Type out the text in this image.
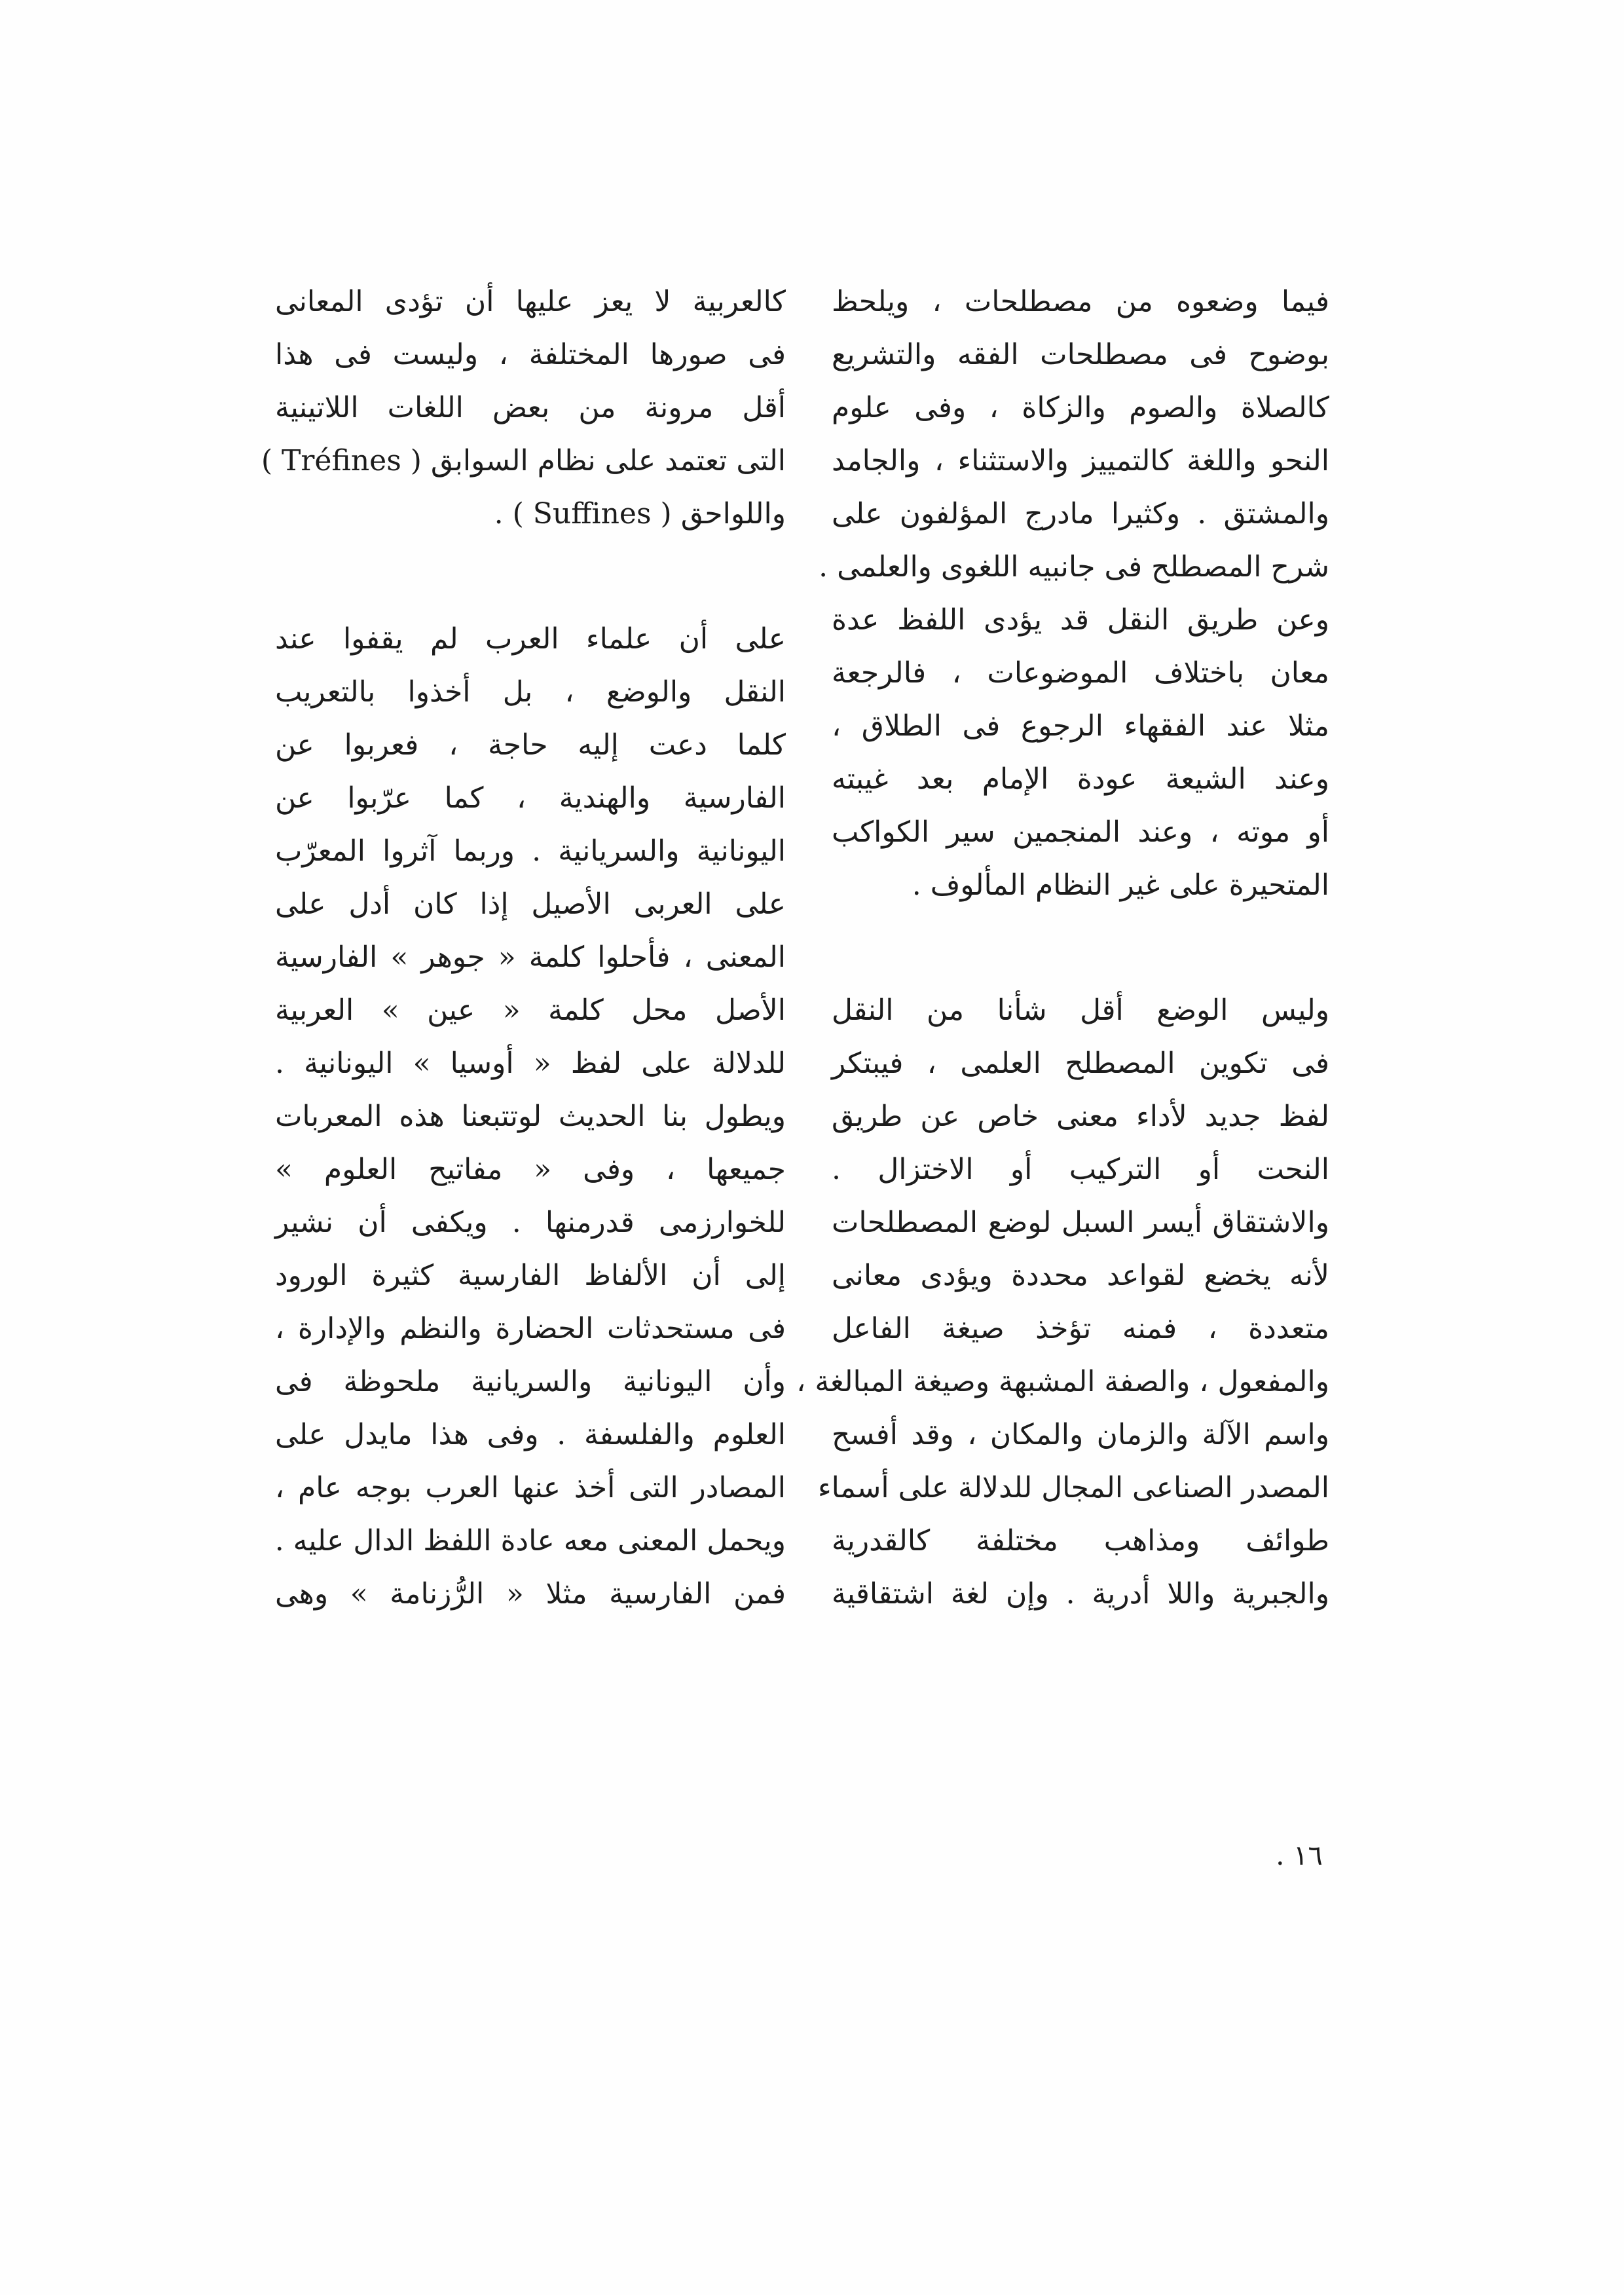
فيما وضعوه من مصطلحات ، ويلحظ
بوضوح فى مصطلحات الفقه والتشريع
كالصلاة والصوم والزكاة ، وفى علوم
النحو واللغة كالتمييز والاستثناء ، والجامد
والمشتق . وكثيرا مادرج المؤلفون على
شرح المصطلح فى جانبيه اللغوى والعلمى .
وعن طريق النقل قد يؤدى اللفظ عدة
معان باختلاف الموضوعات ، فالرجعة
مثلا عند الفقهاء الرجوع فى الطلاق ،
وعند الشيعة عودة الإمام بعد غيبته
أو موته ، وعند المنجمين سير الكواكب
المتحيرة على غير النظام المألوف .
وليس الوضع أقل شأنا من النقل
فى تكوين المصطلح العلمى ، فيبتكر
لفظ جديد لأداء معنى خاص عن طريق
النحت أو التركيب أو الاختزال .
والاشتقاق أيسر السبل لوضع المصطلحات
لأنه يخضع لقواعد محددة ويؤدى معانى
متعددة ، فمنه تؤخذ صيغة الفاعل
والمفعول ، والصفة المشبهة وصيغة المبالغة ،
واسم الآلة والزمان والمكان ، وقد أفسح
المصدر الصناعى المجال للدلالة على أسماء
طوائف ومذاهب مختلفة كالقدرية
والجبرية واللا أدرية . وإن لغة اشتقاقية
كالعربية لا يعز عليها أن تؤدى المعانى
فى صورها المختلفة ، وليست فى هذا
أقل مرونة من بعض اللغات اللاتينية
التى تعتمد على نظام السوابق ( Tréfines )
واللواحق ( Suffines ) .
على أن علماء العرب لم يقفوا عند
النقل والوضع ، بل أخذوا بالتعريب
كلما دعت إليه حاجة ، فعربوا عن
الفارسية والهندية ، كما عرّبوا عن
اليونانية والسريانية . وربما آثروا المعرّب
على العربى الأصيل إذا كان أدل على
المعنى ، فأحلوا كلمة « جوهر » الفارسية
الأصل محل كلمة « عين » العربية
للدلالة على لفظ « أوسيا » اليونانية .
ويطول بنا الحديث لوتتبعنا هذه المعربات
جميعها ، وفى « مفاتيح العلوم »
للخوارزمى قدرمنها . ويكفى أن نشير
إلى أن الألفاظ الفارسية كثيرة الورود
فى مستحدثات الحضارة والنظم والإدارة ،
وأن اليونانية والسريانية ملحوظة فى
العلوم والفلسفة . وفى هذا مايدل على
المصادر التى أخذ عنها العرب بوجه عام ،
ويحمل المعنى معه عادة اللفظ الدال عليه .
فمن الفارسية مثلا « الرُّزنامة » وهى
١٦ .
